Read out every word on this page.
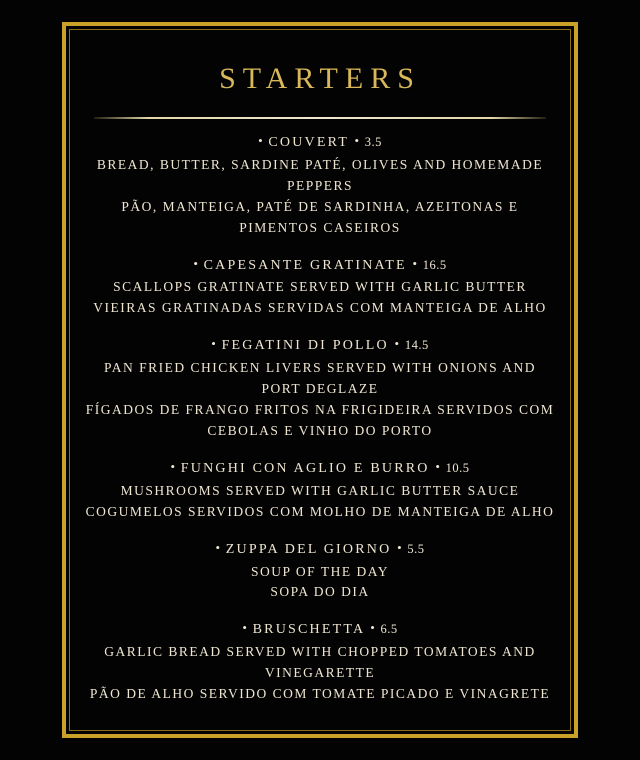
STARTERS
• COUVERT • 3.5
BREAD, BUTTER, SARDINE PATÉ, OLIVES AND HOMEMADE PEPPERS
PÃO, MANTEIGA, PATÉ DE SARDINHA, AZEITONAS E PIMENTOS CASEIROS
• CAPESANTE GRATINATE • 16.5
SCALLOPS GRATINATE SERVED WITH GARLIC BUTTER
VIEIRAS GRATINADAS SERVIDAS COM MANTEIGA DE ALHO
• FEGATINI DI POLLO • 14.5
PAN FRIED CHICKEN LIVERS SERVED WITH ONIONS AND PORT DEGLAZE
FÍGADOS DE FRANGO FRITOS NA FRIGIDEIRA SERVIDOS COM CEBOLAS E VINHO DO PORTO
• FUNGHI CON AGLIO E BURRO • 10.5
MUSHROOMS SERVED WITH GARLIC BUTTER SAUCE
COGUMELOS SERVIDOS COM MOLHO DE MANTEIGA DE ALHO
• ZUPPA DEL GIORNO • 5.5
SOUP OF THE DAY
SOPA DO DIA
• BRUSCHETTA • 6.5
GARLIC BREAD SERVED WITH CHOPPED TOMATOES AND VINEGARETTE
PÃO DE ALHO SERVIDO COM TOMATE PICADO E VINAGRETE
